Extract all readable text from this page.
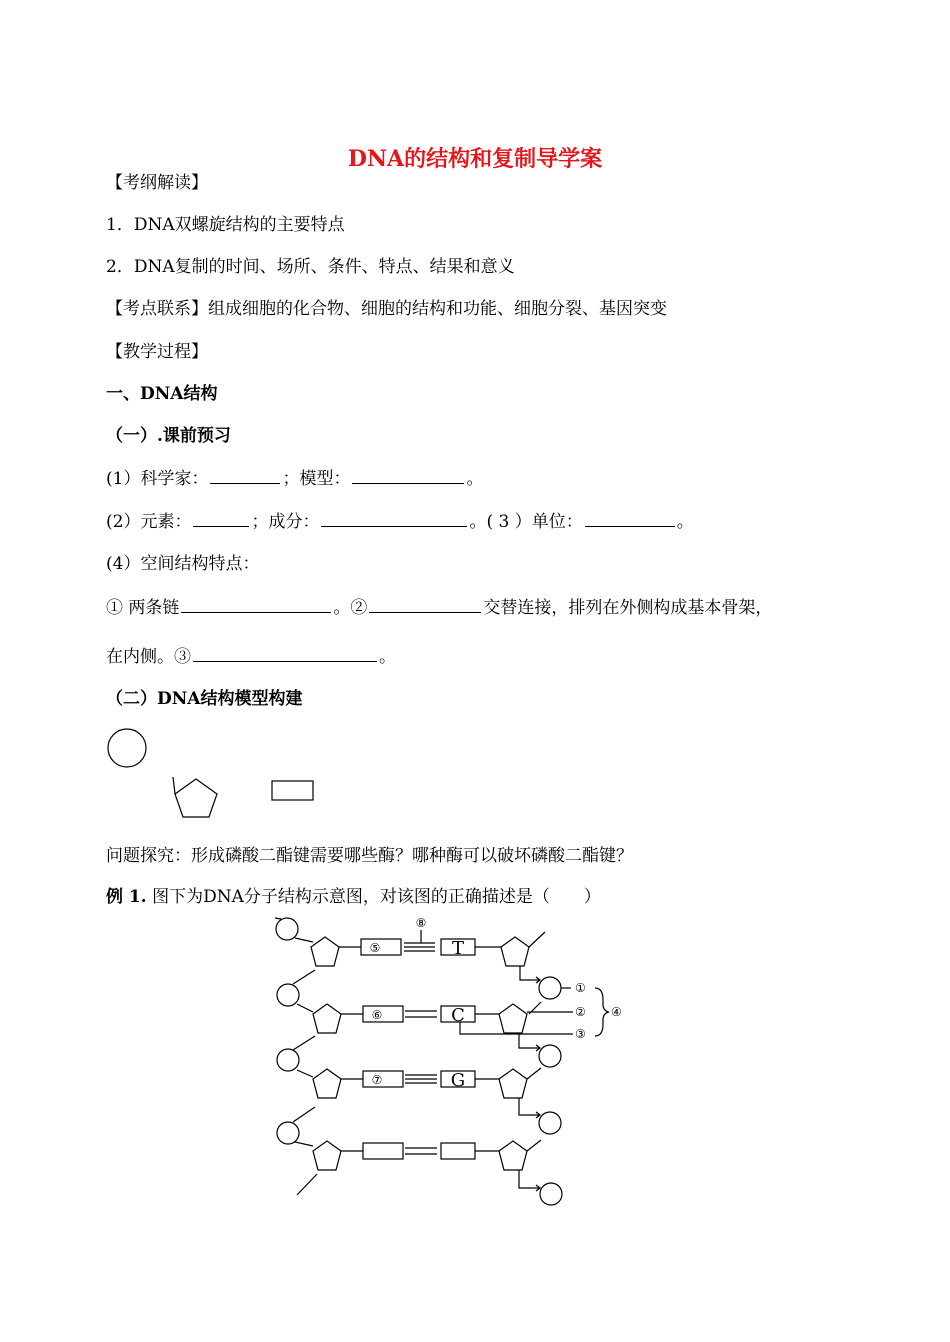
DNA的结构和复制导学案
【考纲解读】
1．DNA双螺旋结构的主要特点
2．DNA复制的时间、场所、条件、特点、结果和意义
【考点联系】组成细胞的化合物、细胞的结构和功能、细胞分裂、基因突变
【教学过程】
一、DNA结构
（一）.课前预习
(1）科学家：	；模型：	。
(2）元素：	；成分：	。( 3 ）单位：	。
(4）空间结构特点：
① 两条链	。②	交替连接，排列在外侧构成基本骨架，
在内侧。③	。
（二）DNA结构模型构建
问题探究：形成磷酸二酯键需要哪些酶？哪种酶可以破坏磷酸二酯键？
例 1. 图下为DNA分子结构示意图，对该图的正确描述是（　　）
⑤
⑥
⑦
⑧
①
②
③
④
T
C
G
